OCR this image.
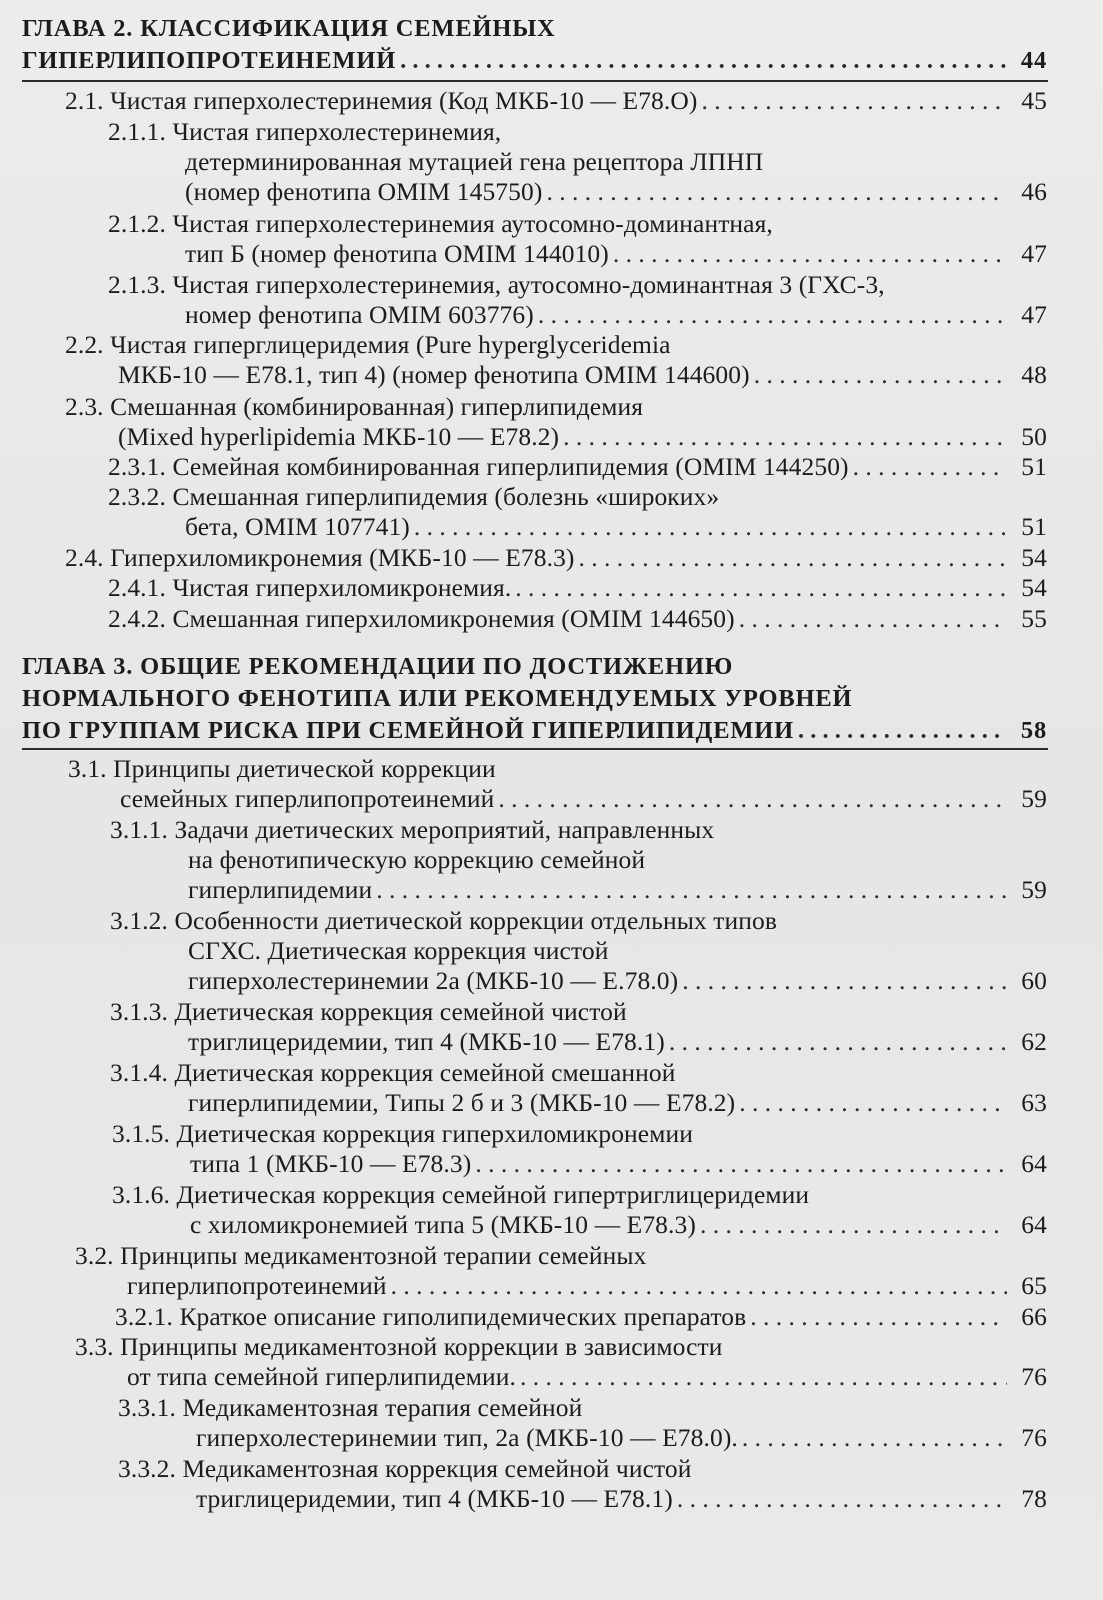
ГЛАВА 2. КЛАССИФИКАЦИЯ СЕМЕЙНЫХ
ГИПЕРЛИПОПРОТЕИНЕМИЙ . . .	44
2.1. Чистая гиперхолестеринемия (Код МКБ-10 — Е78.О) . . .	45
2.1.1. Чистая гиперхолестеринемия,
детерминированная мутацией гена рецептора ЛПНП
(номер фенотипа OMIM 145750) . . .	46
2.1.2. Чистая гиперхолестеринемия аутосомно-доминантная,
тип Б (номер фенотипа OMIM 144010) . . .	47
2.1.3. Чистая гиперхолестеринемия, аутосомно-доминантная 3 (ГХС-3,
номер фенотипа OMIM 603776) . . .	47
2.2. Чистая гиперглицеридемия (Pure hyperglyceridemia
МКБ-10 — Е78.1, тип 4) (номер фенотипа OMIM 144600) . . .	48
2.3. Смешанная (комбинированная) гиперлипидемия
(Mixed hyperlipidemia МКБ-10 — Е78.2) . . .	50
2.3.1. Семейная комбинированная гиперлипидемия (OMIM 144250) . . .	51
2.3.2. Смешанная гиперлипидемия (болезнь «широких»
бета, OMIM 107741) . . .	51
2.4. Гиперхиломикронемия (МКБ-10 — Е78.3) . . .	54
2.4.1. Чистая гиперхиломикронемия. . . .	54
2.4.2. Смешанная гиперхиломикронемия (OMIM 144650) . . .	55
ГЛАВА 3. ОБЩИЕ РЕКОМЕНДАЦИИ ПО ДОСТИЖЕНИЮ
НОРМАЛЬНОГО ФЕНОТИПА ИЛИ РЕКОМЕНДУЕМЫХ УРОВНЕЙ
ПО ГРУППАМ РИСКА ПРИ СЕМЕЙНОЙ ГИПЕРЛИПИДЕМИИ . . .	58
3.1. Принципы диетической коррекции
семейных гиперлипопротеинемий . . .	59
3.1.1. Задачи диетических мероприятий, направленных
на фенотипическую коррекцию семейной
гиперлипидемии . . .	59
3.1.2. Особенности диетической коррекции отдельных типов
СГХС. Диетическая коррекция чистой
гиперхолестеринемии 2а (МКБ-10 — Е.78.0) . . .	60
3.1.3. Диетическая коррекция семейной чистой
триглицеридемии, тип 4 (МКБ-10 — Е78.1) . . .	62
3.1.4. Диетическая коррекция семейной смешанной
гиперлипидемии, Типы 2 б и 3 (МКБ-10 — Е78.2) . . .	63
3.1.5. Диетическая коррекция гиперхиломикронемии
типа 1 (МКБ-10 — Е78.3) . . .	64
3.1.6. Диетическая коррекция семейной гипертриглицеридемии
с хиломикронемией типа 5 (МКБ-10 — Е78.3) . . .	64
3.2. Принципы медикаментозной терапии семейных
гиперлипопротеинемий . . .	65
3.2.1. Краткое описание гиполипидемических препаратов . . .	66
3.3. Принципы медикаментозной коррекции в зависимости
от типа семейной гиперлипидемии. . . .	76
3.3.1. Медикаментозная терапия семейной
гиперхолестеринемии тип, 2а (МКБ-10 — Е78.0). . . .	76
3.3.2. Медикаментозная коррекция семейной чистой
триглицеридемии, тип 4 (МКБ-10 — Е78.1) . . .	78
